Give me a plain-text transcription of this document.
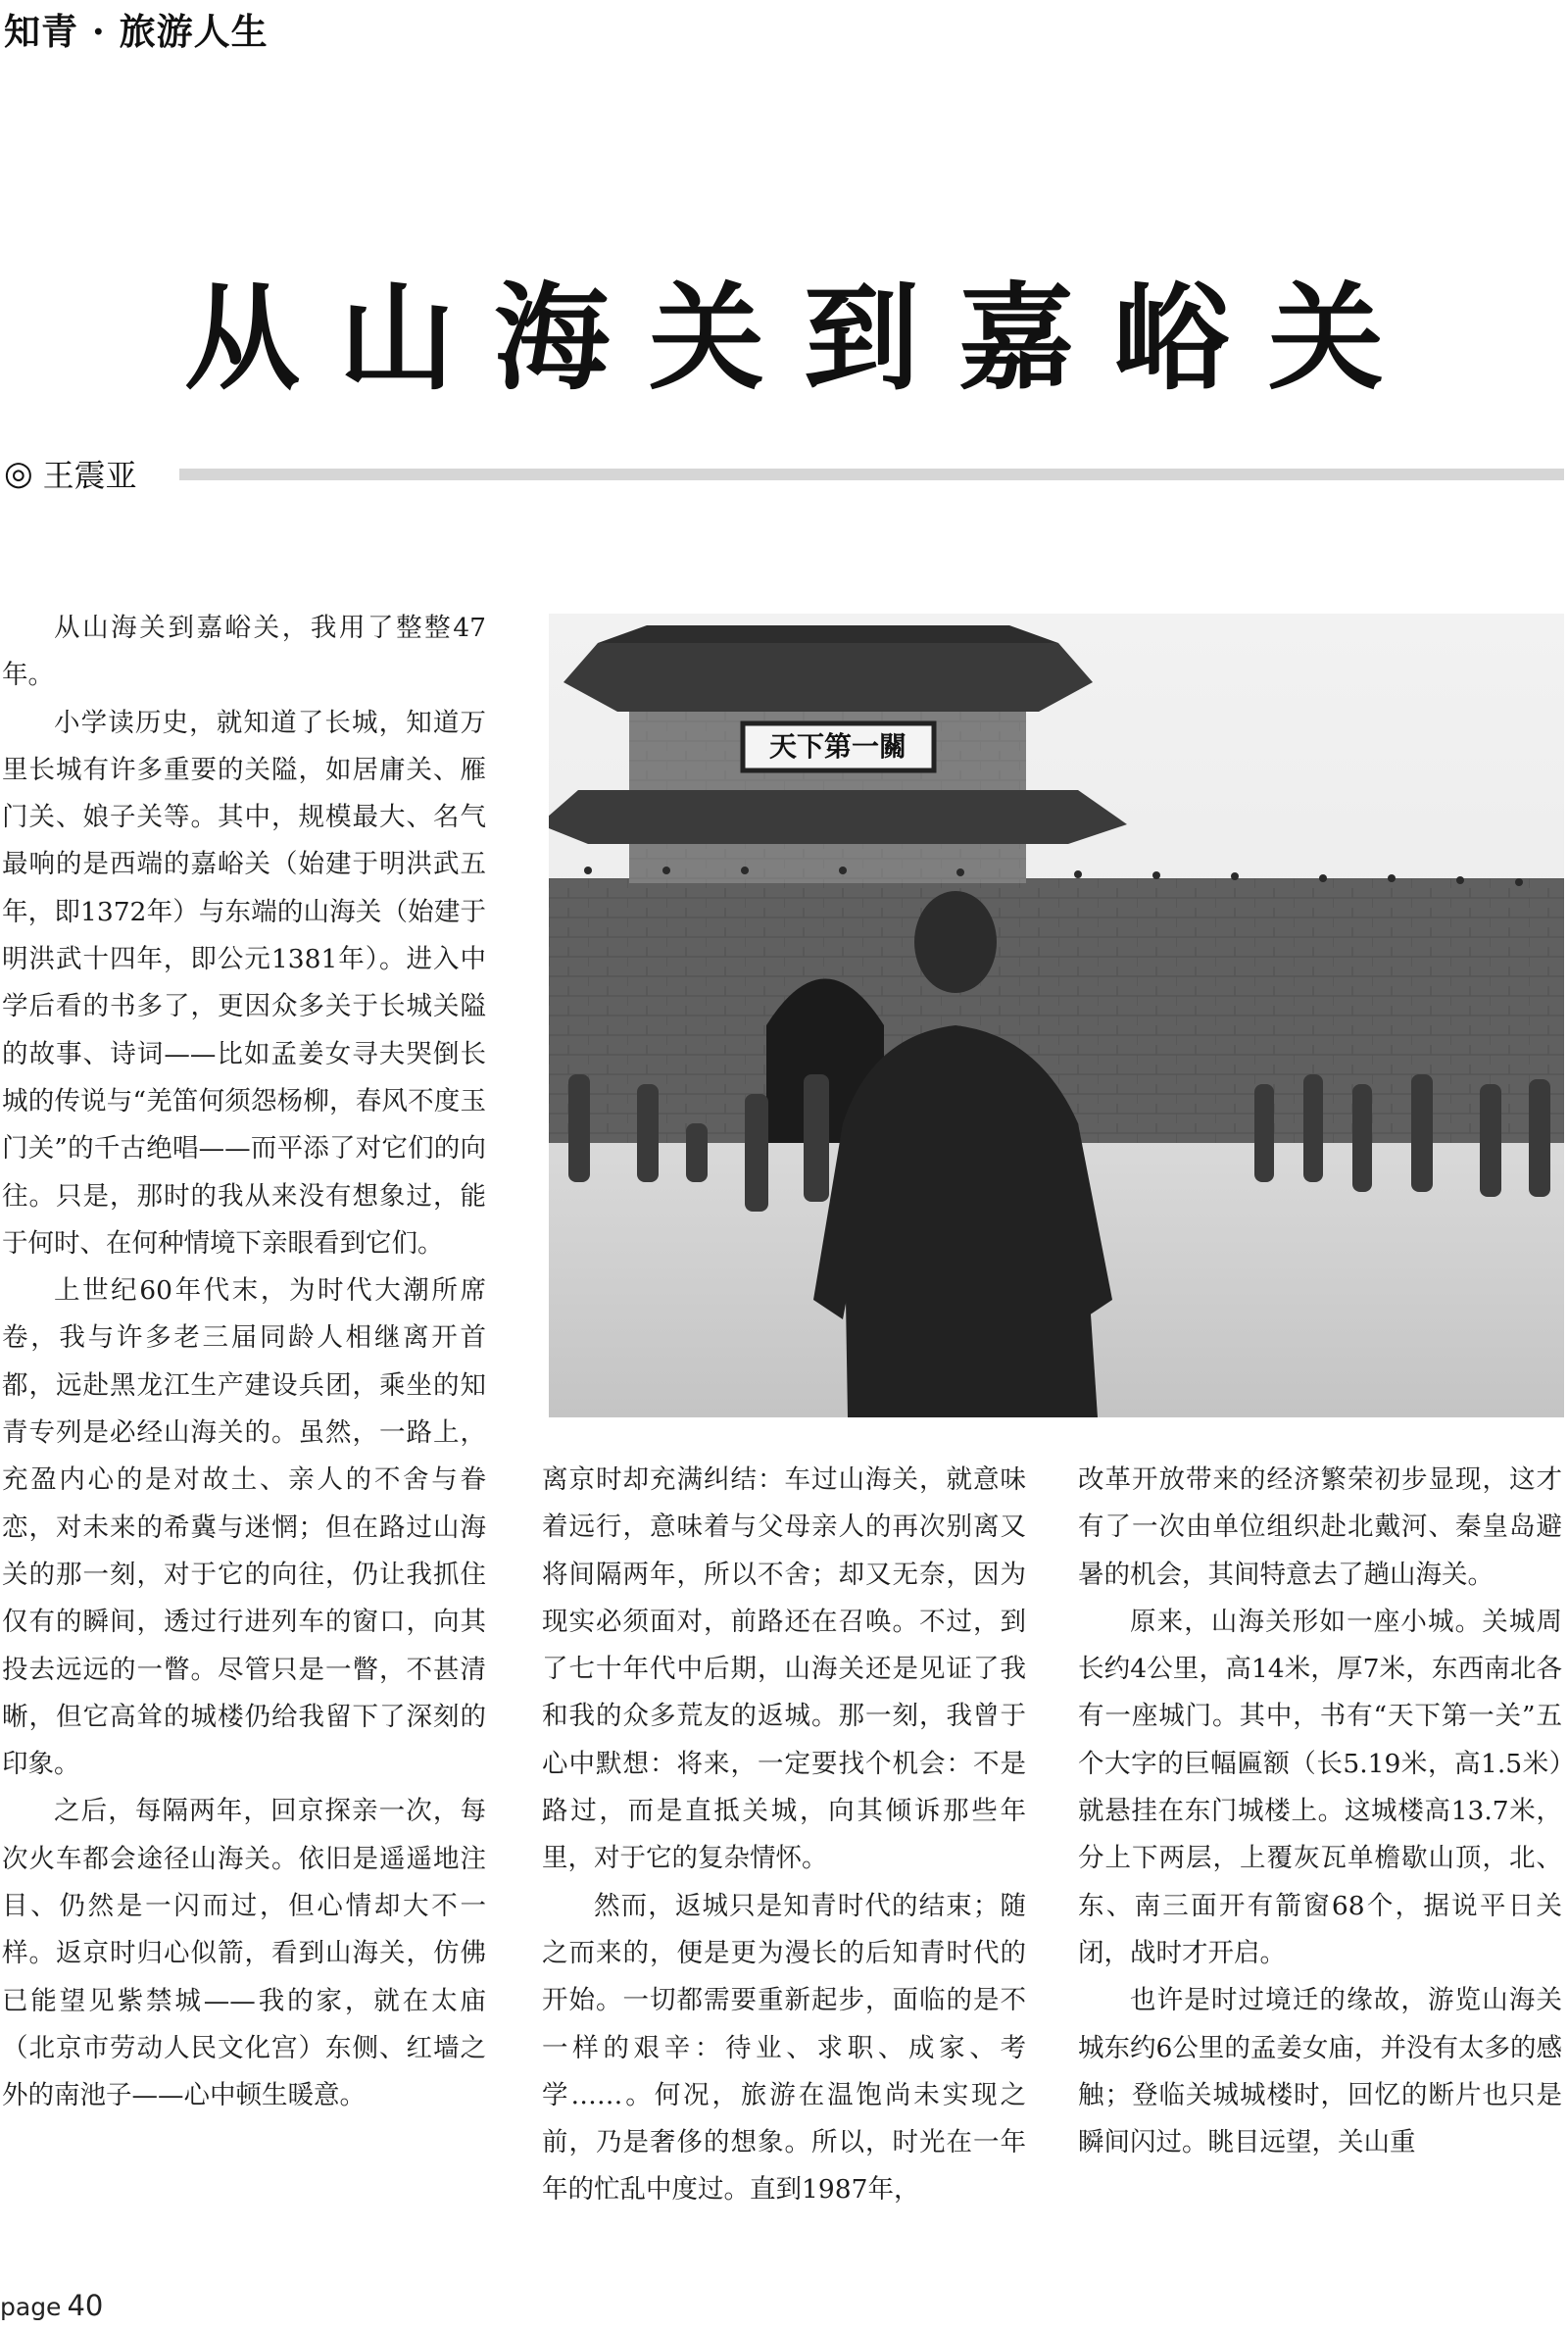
知青 · 旅游人生
从山海关到嘉峪关
◎ 王震亚

从山海关到嘉峪关，我用了整整47年。

小学读历史，就知道了长城，知道万里长城有许多重要的关隘，如居庸关、雁门关、娘子关等。其中，规模最大、名气最响的是西端的嘉峪关（始建于明洪武五年，即1372年）与东端的山海关（始建于明洪武十四年，即公元1381年）。进入中学后看的书多了，更因众多关于长城关隘的故事、诗词——比如孟姜女寻夫哭倒长城的传说与“羌笛何须怨杨柳，春风不度玉门关”的千古绝唱——而平添了对它们的向往。只是，那时的我从来没有想象过，能于何时、在何种情境下亲眼看到它们。

上世纪60年代末，为时代大潮所席卷，我与许多老三届同龄人相继离开首都，远赴黑龙江生产建设兵团，乘坐的知青专列是必经山海关的。虽然，一路上，充盈内心的是对故土、亲人的不舍与眷恋，对未来的希冀与迷惘；但在路过山海关的那一刻，对于它的向往，仍让我抓住仅有的瞬间，透过行进列车的窗口，向其投去远远的一瞥。尽管只是一瞥，不甚清晰，但它高耸的城楼仍给我留下了深刻的印象。

之后，每隔两年，回京探亲一次，每次火车都会途径山海关。依旧是遥遥地注目、仍然是一闪而过，但心情却大不一样。返京时归心似箭，看到山海关，仿佛已能望见紫禁城——我的家，就在太庙（北京市劳动人民文化宫）东侧、红墙之外的南池子——心中顿生暖意。

天下第一關

离京时却充满纠结：车过山海关，就意味着远行，意味着与父母亲人的再次别离又将间隔两年，所以不舍；却又无奈，因为现实必须面对，前路还在召唤。不过，到了七十年代中后期，山海关还是见证了我和我的众多荒友的返城。那一刻，我曾于心中默想：将来，一定要找个机会：不是路过，而是直抵关城，向其倾诉那些年里，对于它的复杂情怀。

然而，返城只是知青时代的结束；随之而来的，便是更为漫长的后知青时代的开始。一切都需要重新起步，面临的是不一样的艰辛：待业、求职、成家、考学……。何况，旅游在温饱尚未实现之前，乃是奢侈的想象。所以，时光在一年年的忙乱中度过。直到1987年，

改革开放带来的经济繁荣初步显现，这才有了一次由单位组织赴北戴河、秦皇岛避暑的机会，其间特意去了趟山海关。

原来，山海关形如一座小城。关城周长约4公里，高14米，厚7米，东西南北各有一座城门。其中，书有“天下第一关”五个大字的巨幅匾额（长5.19米，高1.5米）就悬挂在东门城楼上。这城楼高13.7米，分上下两层，上覆灰瓦单檐歇山顶，北、东、南三面开有箭窗68个，据说平日关闭，战时才开启。

也许是时过境迁的缘故，游览山海关城东约6公里的孟姜女庙，并没有太多的感触；登临关城城楼时，回忆的断片也只是瞬间闪过。眺目远望，关山重

page 40
